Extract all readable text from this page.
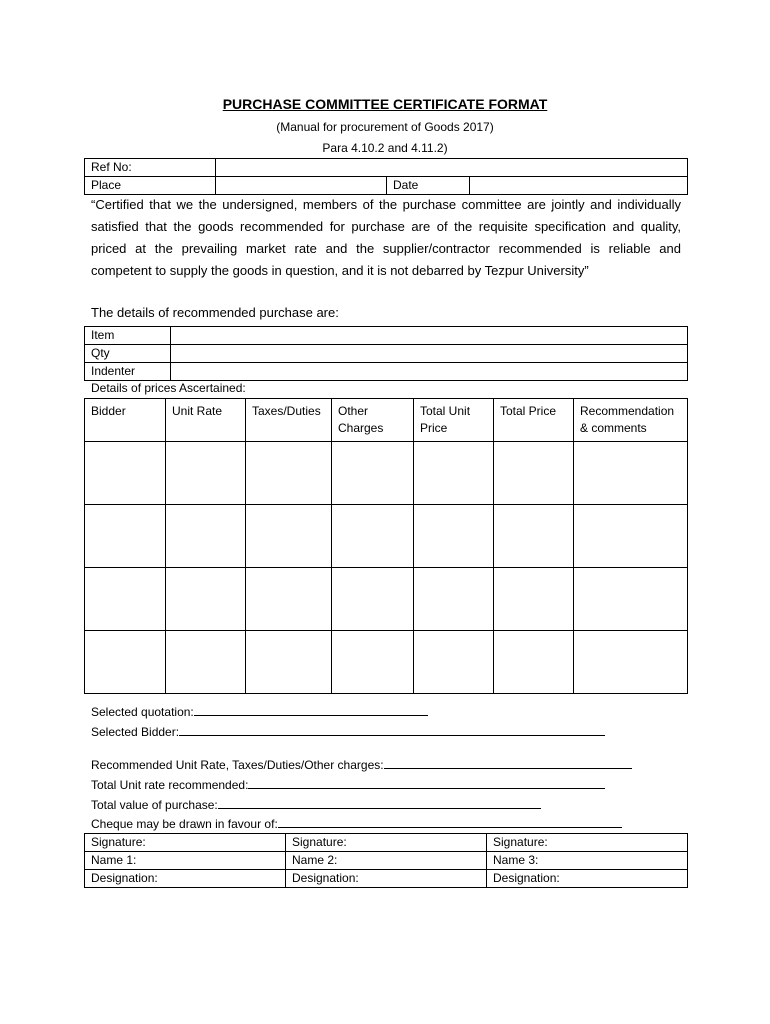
PURCHASE COMMITTEE CERTIFICATE FORMAT
(Manual for procurement of Goods 2017)
Para 4.10.2 and 4.11.2)
Ref No:			
Place		Date	
“Certified that we the undersigned, members of the purchase committee are jointly and individually satisfied that the goods recommended for purchase are of the requisite specification and quality, priced at the prevailing market rate and the supplier/contractor recommended is reliable and competent to supply the goods in question, and it is not debarred by Tezpur University”
The details of recommended purchase are:
Item	
Qty	
Indenter	
Details of prices Ascertained:
Bidder	Unit Rate	Taxes/Duties	Other Charges	Total Unit Price	Total Price	Recommendation & comments

Selected quotation:
Selected Bidder:
Recommended Unit Rate, Taxes/Duties/Other charges:
Total Unit rate recommended:
Total value of purchase:
Cheque may be drawn in favour of:
Signature:	Signature:	Signature:
Name 1:	Name 2:	Name 3:
Designation:	Designation:	Designation:
